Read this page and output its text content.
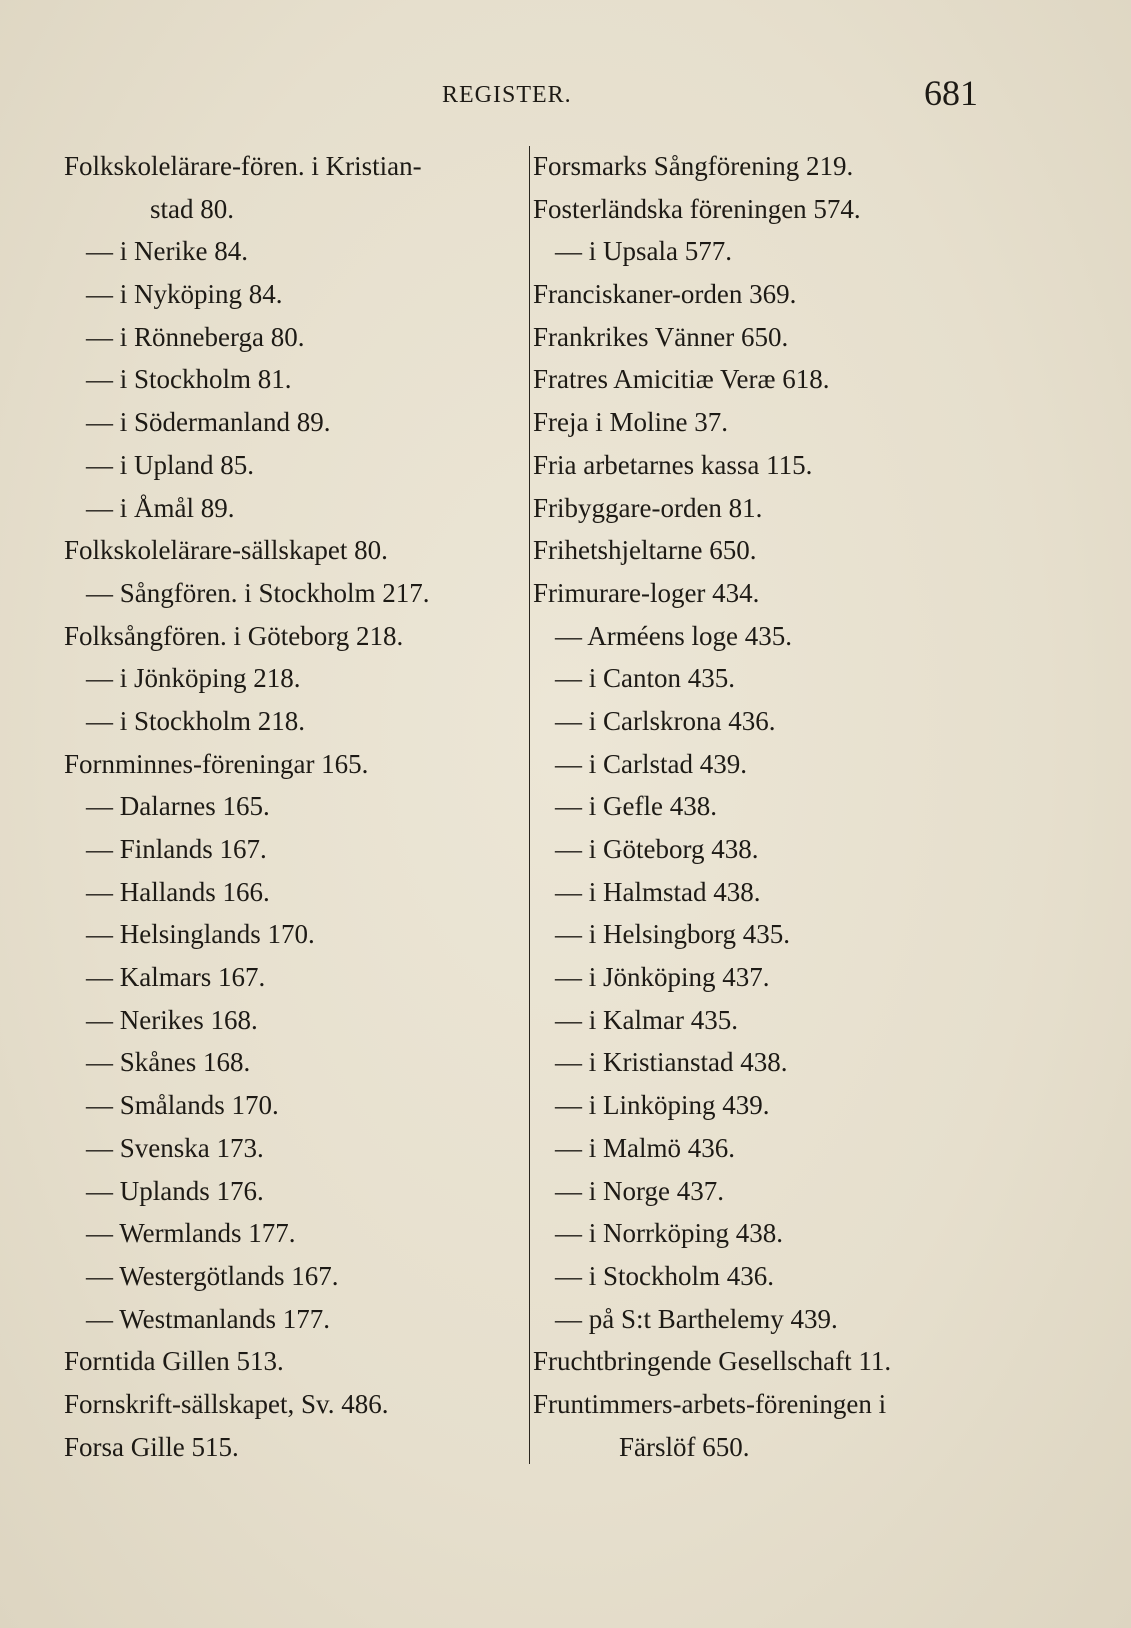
REGISTER.	681
Folkskolelärare-fören. i Kristian-
stad 80.
— i Nerike 84.
— i Nyköping 84.
— i Rönneberga 80.
— i Stockholm 81.
— i Södermanland 89.
— i Upland 85.
— i Åmål 89.
Folkskolelärare-sällskapet 80.
— Sångfören. i Stockholm 217.
Folksångfören. i Göteborg 218.
— i Jönköping 218.
— i Stockholm 218.
Fornminnes-föreningar 165.
— Dalarnes 165.
— Finlands 167.
— Hallands 166.
— Helsinglands 170.
— Kalmars 167.
— Nerikes 168.
— Skånes 168.
— Smålands 170.
— Svenska 173.
— Uplands 176.
— Wermlands 177.
— Westergötlands 167.
— Westmanlands 177.
Forntida Gillen 513.
Fornskrift-sällskapet, Sv. 486.
Forsa Gille 515.
Forsmarks Sångförening 219.
Fosterländska föreningen 574.
— i Upsala 577.
Franciskaner-orden 369.
Frankrikes Vänner 650.
Fratres Amicitiæ Veræ 618.
Freja i Moline 37.
Fria arbetarnes kassa 115.
Fribyggare-orden 81.
Frihetshjeltarne 650.
Frimurare-loger 434.
— Arméens loge 435.
— i Canton 435.
— i Carlskrona 436.
— i Carlstad 439.
— i Gefle 438.
— i Göteborg 438.
— i Halmstad 438.
— i Helsingborg 435.
— i Jönköping 437.
— i Kalmar 435.
— i Kristianstad 438.
— i Linköping 439.
— i Malmö 436.
— i Norge 437.
— i Norrköping 438.
— i Stockholm 436.
— på S:t Barthelemy 439.
Fruchtbringende Gesellschaft 11.
Fruntimmers-arbets-föreningen i
Färslöf 650.
